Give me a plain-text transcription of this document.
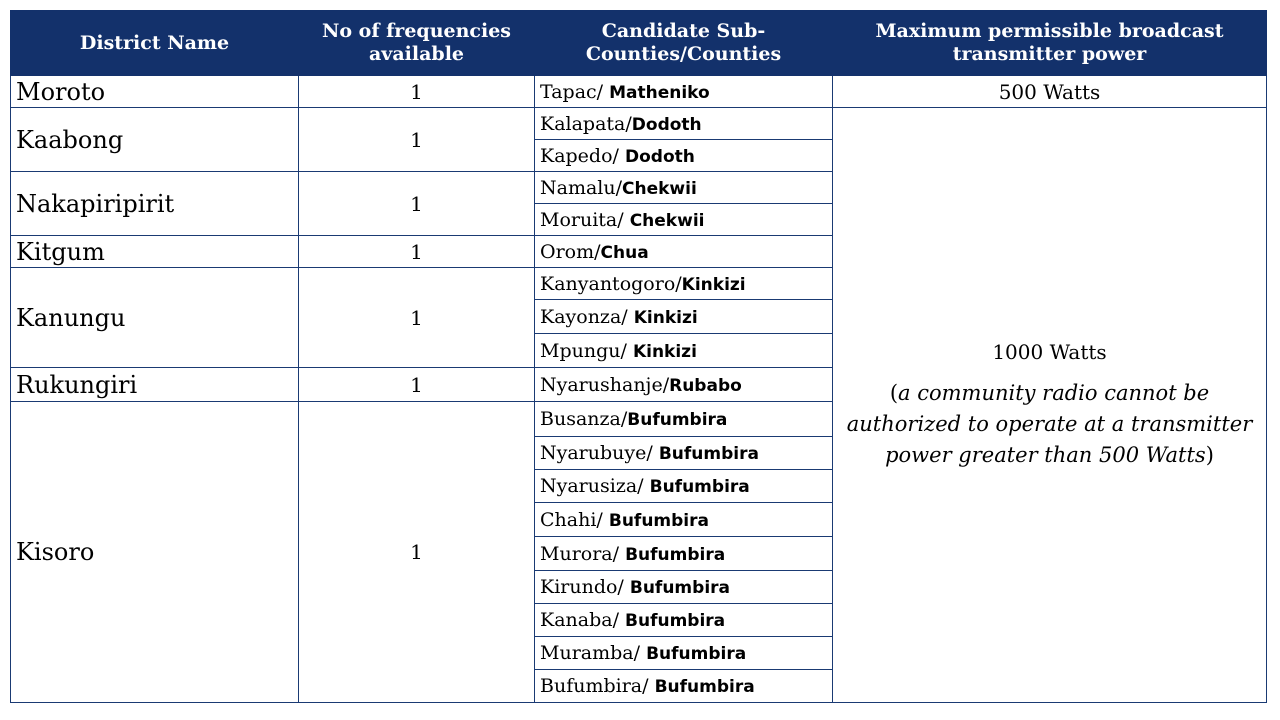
District Name	No of frequencies available	Candidate Sub-Counties/Counties	Maximum permissible broadcast transmitter power
Moroto	1	Tapac/ Matheniko	500 Watts
Kaabong	1	Kalapata/Dodoth	1000 Watts
(a community radio cannot be authorized to operate at a transmitter power greater than 500 Watts)

		Kapedo/ Dodoth	
Nakapiripirit	1	Namalu/Chekwii	
		Moruita/ Chekwii	
Kitgum	1	Orom/Chua	
Kanungu	1	Kanyantogoro/Kinkizi	
		Kayonza/ Kinkizi	
		Mpungu/ Kinkizi	
Rukungiri	1	Nyarushanje/Rubabo	
Kisoro	1	Busanza/Bufumbira	
		Nyarubuye/ Bufumbira	
		Nyarusiza/ Bufumbira	
		Chahi/ Bufumbira	
		Murora/ Bufumbira	
		Kirundo/ Bufumbira	
		Kanaba/ Bufumbira	
		Muramba/ Bufumbira	
		Bufumbira/ Bufumbira	
